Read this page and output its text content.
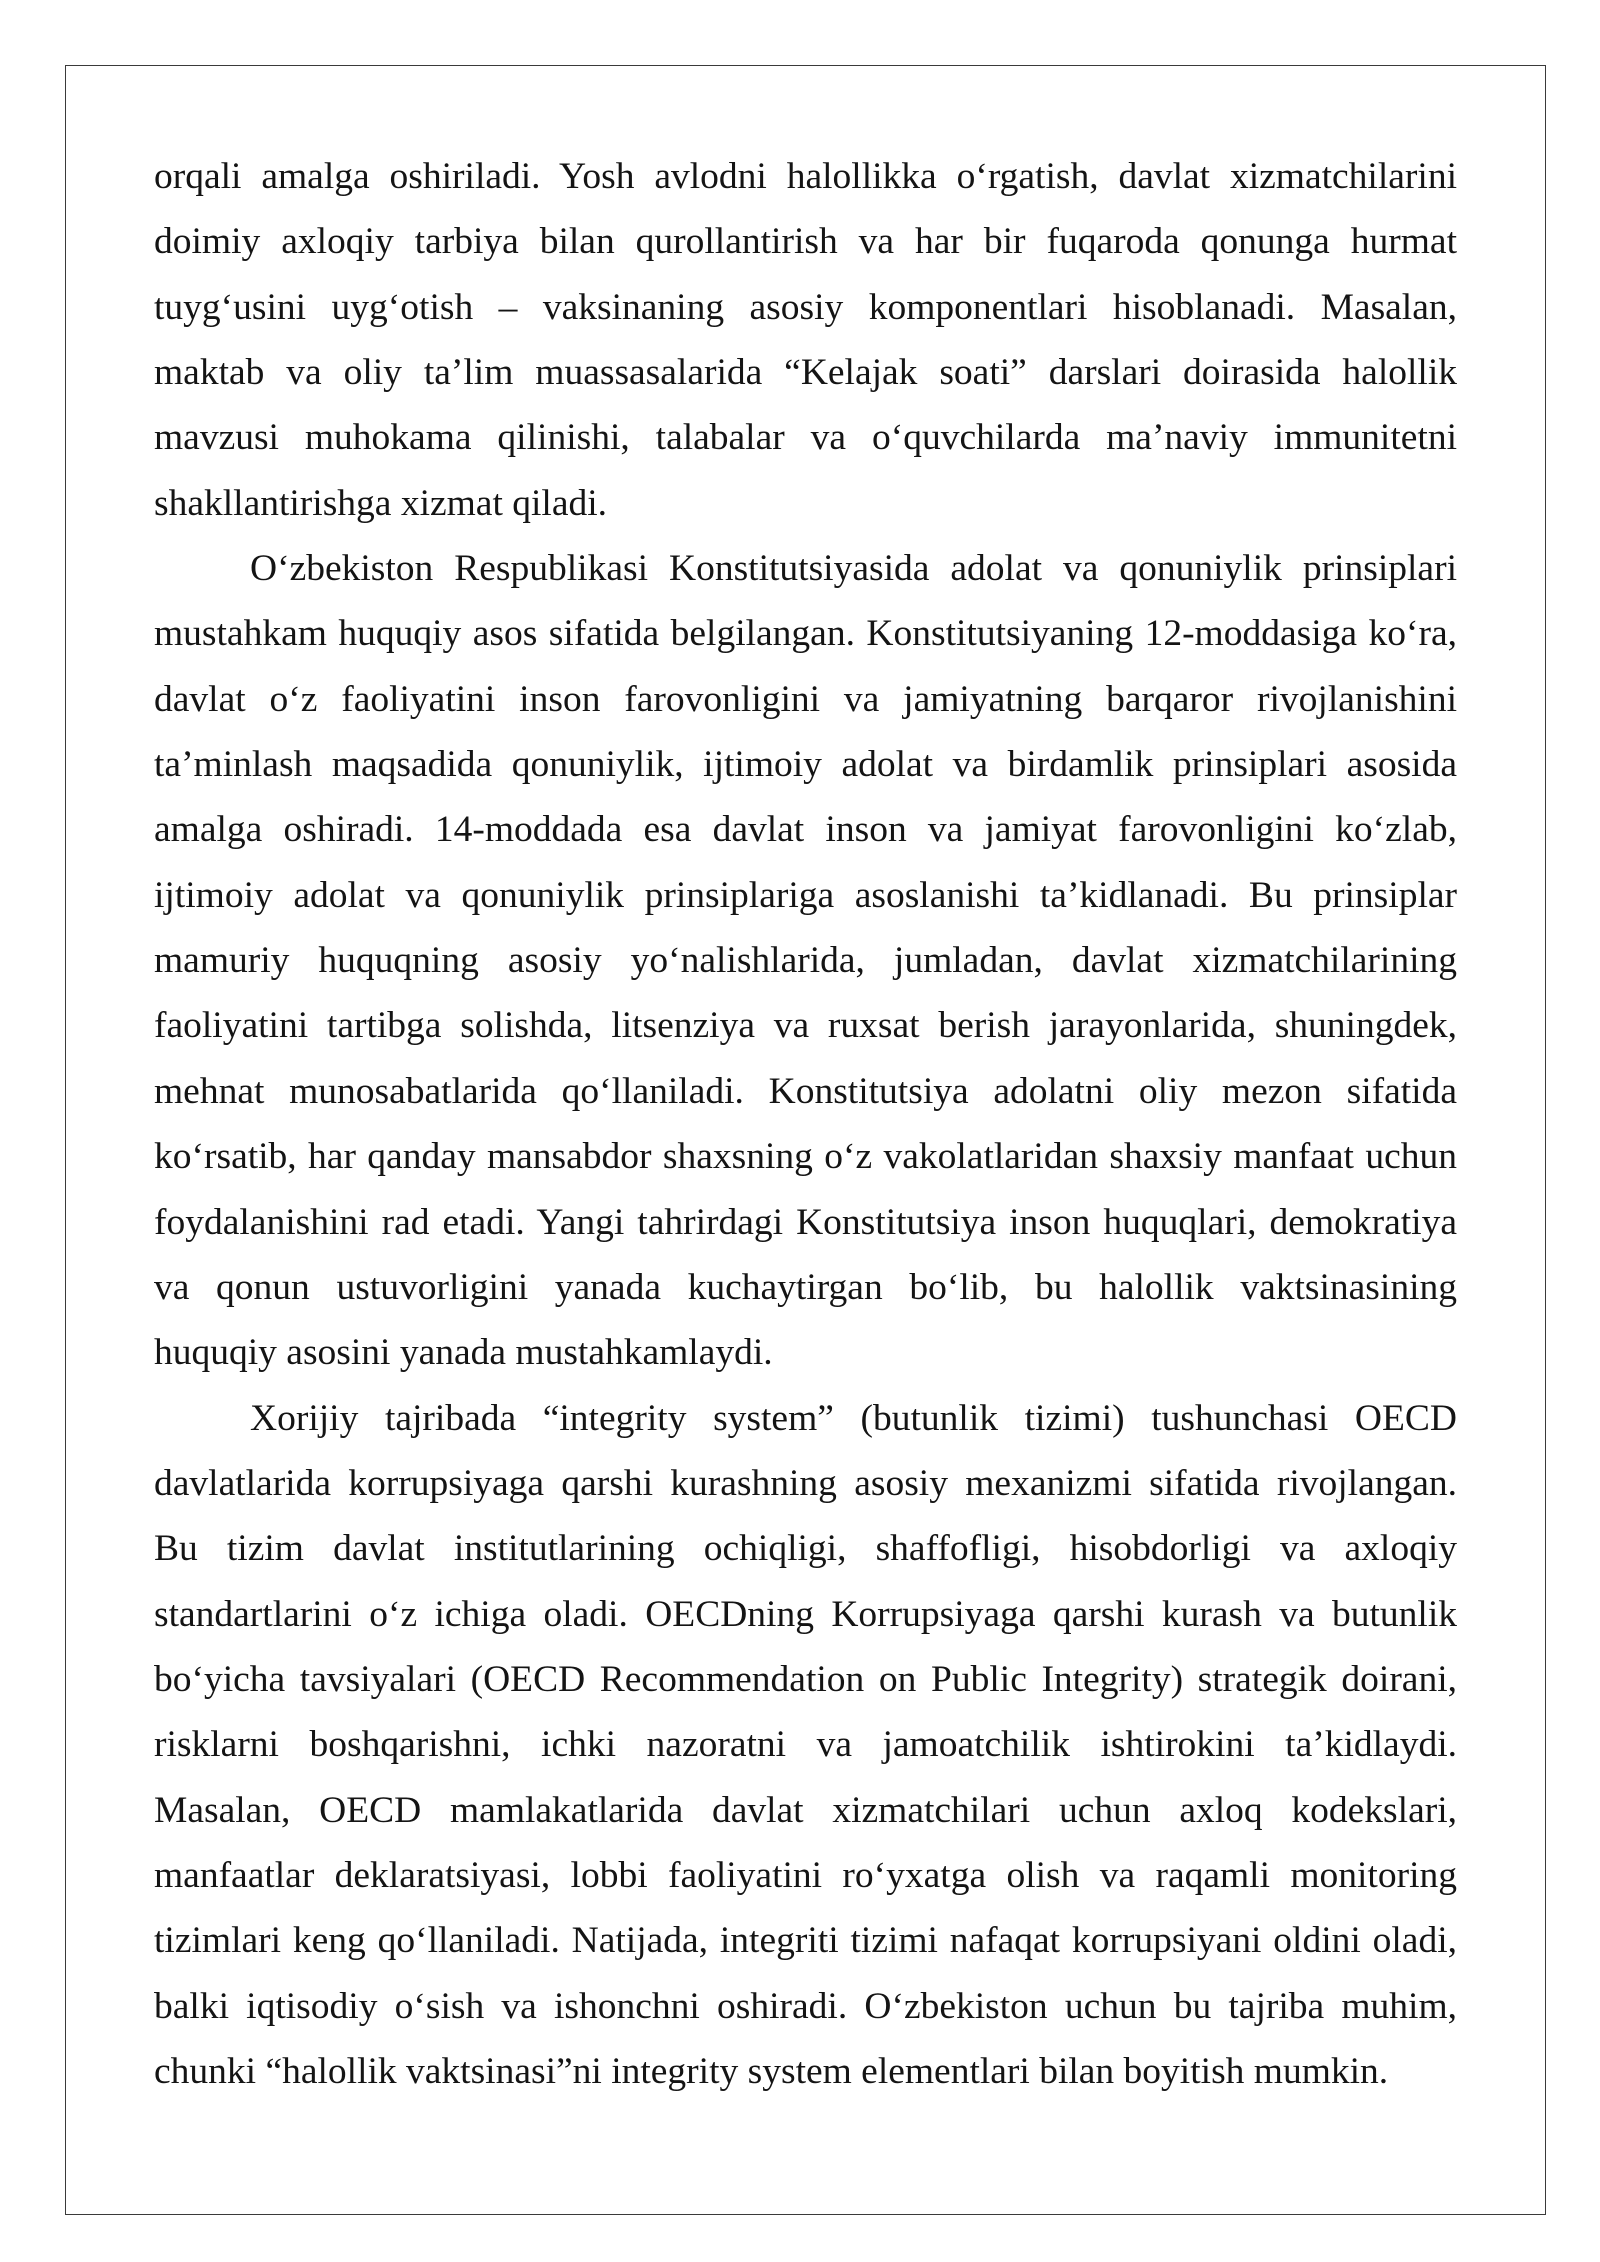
orqali amalga oshiriladi. Yosh avlodni halollikka o‘rgatish, davlat xizmatchilarini
doimiy axloqiy tarbiya bilan qurollantirish va har bir fuqaroda qonunga hurmat
tuyg‘usini uyg‘otish – vaksinaning asosiy komponentlari hisoblanadi. Masalan,
maktab va oliy ta’lim muassasalarida “Kelajak soati” darslari doirasida halollik
mavzusi muhokama qilinishi, talabalar va o‘quvchilarda ma’naviy immunitetni
shakllantirishga xizmat qiladi.
O‘zbekiston Respublikasi Konstitutsiyasida adolat va qonuniylik prinsiplari
mustahkam huquqiy asos sifatida belgilangan. Konstitutsiyaning 12-moddasiga ko‘ra,
davlat o‘z faoliyatini inson farovonligini va jamiyatning barqaror rivojlanishini
ta’minlash maqsadida qonuniylik, ijtimoiy adolat va birdamlik prinsiplari asosida
amalga oshiradi. 14-moddada esa davlat inson va jamiyat farovonligini ko‘zlab,
ijtimoiy adolat va qonuniylik prinsiplariga asoslanishi ta’kidlanadi. Bu prinsiplar
mamuriy huquqning asosiy yo‘nalishlarida, jumladan, davlat xizmatchilarining
faoliyatini tartibga solishda, litsenziya va ruxsat berish jarayonlarida, shuningdek,
mehnat munosabatlarida qo‘llaniladi. Konstitutsiya adolatni oliy mezon sifatida
ko‘rsatib, har qanday mansabdor shaxsning o‘z vakolatlaridan shaxsiy manfaat uchun
foydalanishini rad etadi. Yangi tahrirdagi Konstitutsiya inson huquqlari, demokratiya
va qonun ustuvorligini yanada kuchaytirgan bo‘lib, bu halollik vaktsinasining
huquqiy asosini yanada mustahkamlaydi.
Xorijiy tajribada “integrity system” (butunlik tizimi) tushunchasi OECD
davlatlarida korrupsiyaga qarshi kurashning asosiy mexanizmi sifatida rivojlangan.
Bu tizim davlat institutlarining ochiqligi, shaffofligi, hisobdorligi va axloqiy
standartlarini o‘z ichiga oladi. OECDning Korrupsiyaga qarshi kurash va butunlik
bo‘yicha tavsiyalari (OECD Recommendation on Public Integrity) strategik doirani,
risklarni boshqarishni, ichki nazoratni va jamoatchilik ishtirokini ta’kidlaydi.
Masalan, OECD mamlakatlarida davlat xizmatchilari uchun axloq kodekslari,
manfaatlar deklaratsiyasi, lobbi faoliyatini ro‘yxatga olish va raqamli monitoring
tizimlari keng qo‘llaniladi. Natijada, integriti tizimi nafaqat korrupsiyani oldini oladi,
balki iqtisodiy o‘sish va ishonchni oshiradi. O‘zbekiston uchun bu tajriba muhim,
chunki “halollik vaktsinasi”ni integrity system elementlari bilan boyitish mumkin.
